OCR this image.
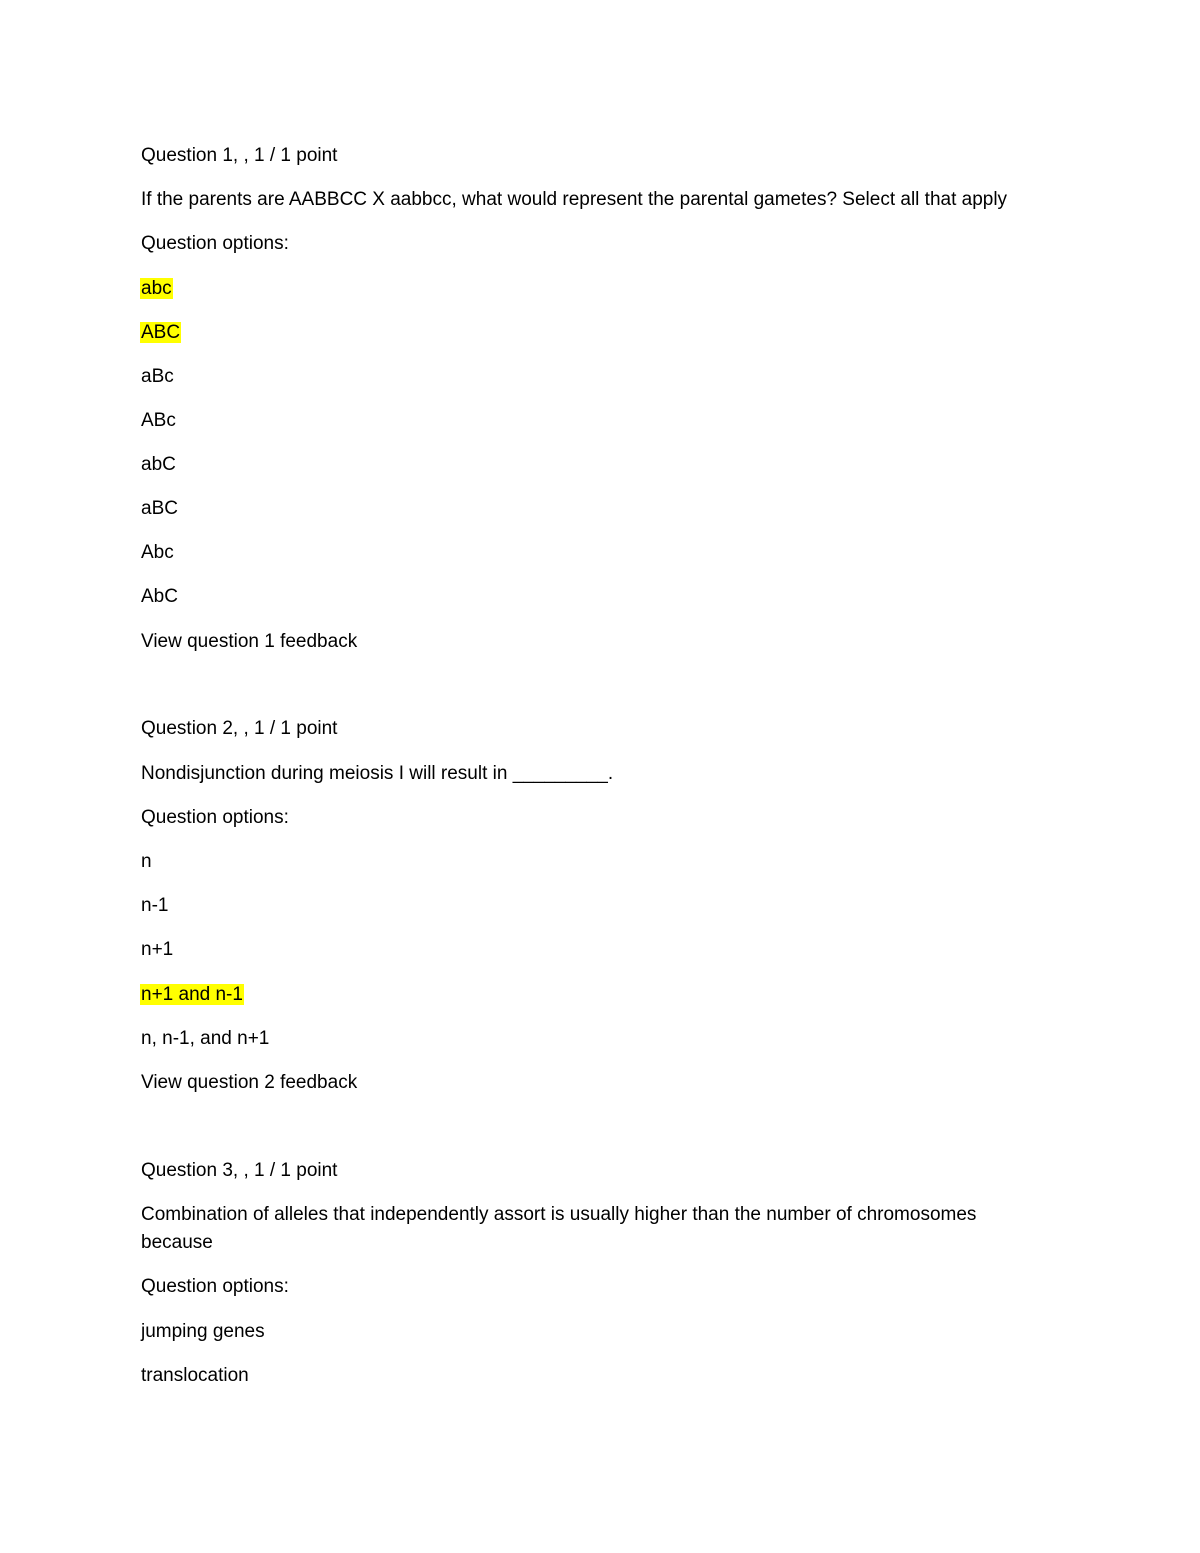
Question 1, , 1 / 1 point
If the parents are AABBCC X aabbcc, what would represent the parental gametes? Select all that apply
Question options:
abc
ABC
aBc
ABc
abC
aBC
Abc
AbC
View question 1 feedback
Question 2, , 1 / 1 point
Nondisjunction during meiosis I will result in _________.
Question options:
n
n-1
n+1
n+1 and n-1
n, n-1, and n+1
View question 2 feedback
Question 3, , 1 / 1 point
Combination of alleles that independently assort is usually higher than the number of chromosomes because
Question options:
jumping genes
translocation
